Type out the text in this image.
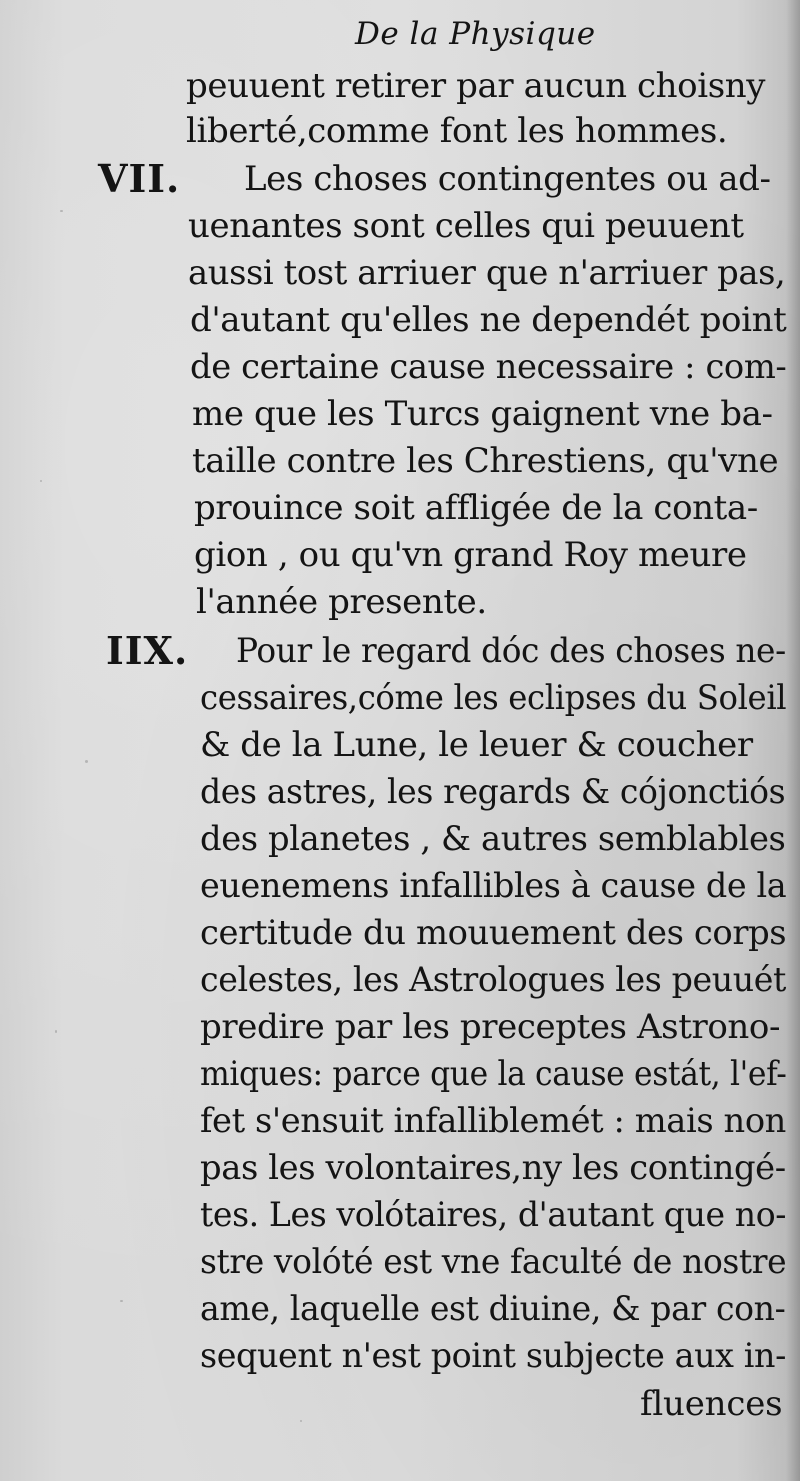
De la Physique
peuuent retirer par aucun choisny
liberté,comme font les hommes.
VII. Les choses contingentes ou ad-
uenantes sont celles qui peuuent
aussi tost arriuer que n'arriuer pas,
d'autant qu'elles ne dependét point
de certaine cause necessaire : com-
me que les Turcs gaignent vne ba-
taille contre les Chrestiens, qu'vne
prouince soit affligée de la conta-
gion , ou qu'vn grand Roy meure
l'année presente.
IIX. Pour le regard dóc des choses ne-
cessaires,cóme les eclipses du Soleil
& de la Lune, le leuer & coucher
des astres, les regards & cójonctiós
des planetes , & autres semblables
euenemens infallibles à cause de la
certitude du mouuement des corps
celestes, les Astrologues les peuuét
predire par les preceptes Astrono-
miques: parce que la cause estát, l'ef-
fet s'ensuit infalliblemét : mais non
pas les volontaires,ny les contingé-
tes. Les volótaires, d'autant que no-
stre volóté est vne faculté de nostre
ame, laquelle est diuine, & par con-
sequent n'est point subjecte aux in-
fluences
